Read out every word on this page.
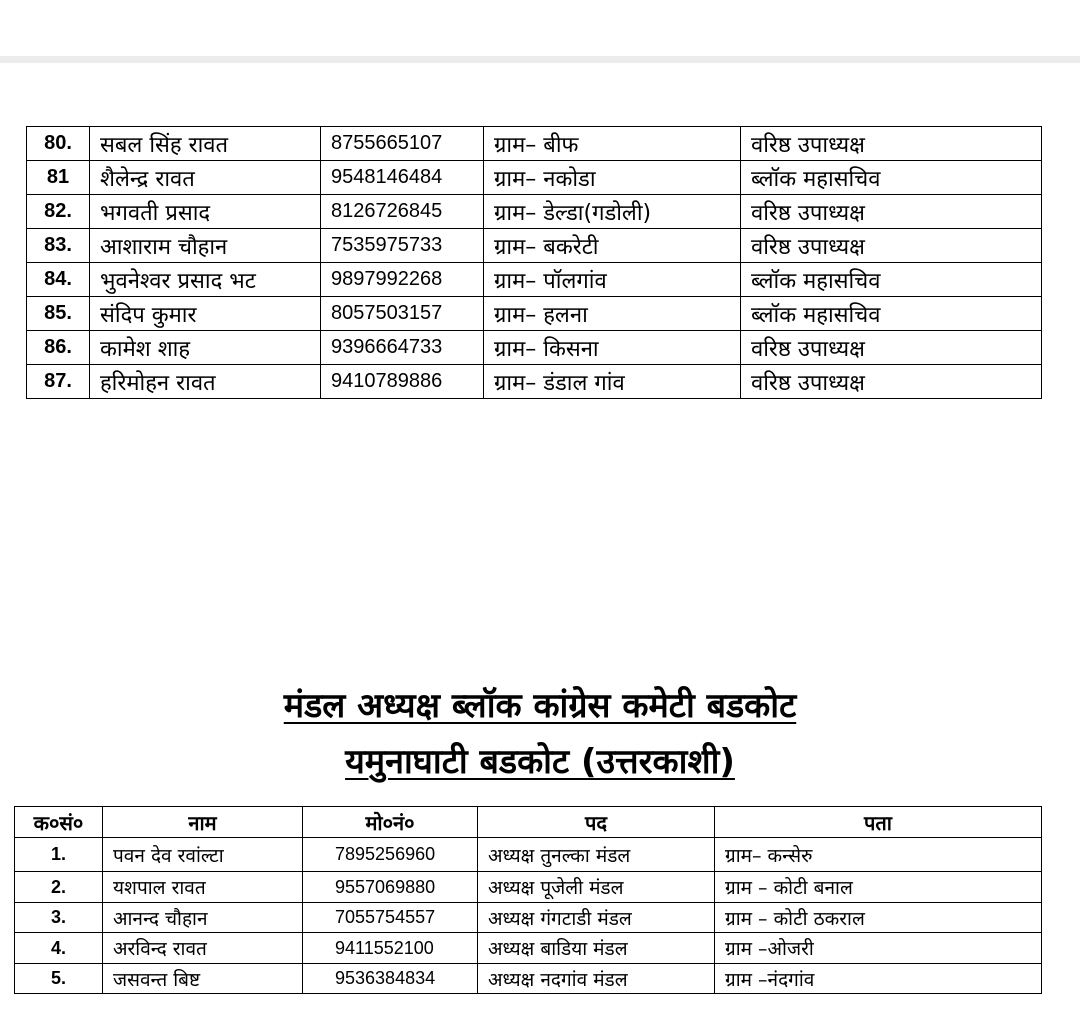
80.	सबल सिंह रावत	8755665107	ग्राम– बीफ	वरिष्ठ उपाध्यक्ष
81	शैलेन्द्र रावत	9548146484	ग्राम– नकोडा	ब्लॉक महासचिव
82.	भगवती प्रसाद	8126726845	ग्राम– डेल्डा(गडोली)	वरिष्ठ उपाध्यक्ष
83.	आशाराम चौहान	7535975733	ग्राम– बकरेटी	वरिष्ठ उपाध्यक्ष
84.	भुवनेश्वर प्रसाद भट	9897992268	ग्राम– पॉलगांव	ब्लॉक महासचिव
85.	संदिप कुमार	8057503157	ग्राम– हलना	ब्लॉक महासचिव
86.	कामेश शाह	9396664733	ग्राम– किसना	वरिष्ठ उपाध्यक्ष
87.	हरिमोहन रावत	9410789886	ग्राम– डंडाल गांव	वरिष्ठ उपाध्यक्ष
मंडल अध्यक्ष ब्लॉक कांग्रेस कमेटी बडकोट
यमुनाघाटी बडकोट (उत्तरकाशी)
क०सं०	नाम	मो०नं०	पद	पता
1.	पवन देव रवांल्टा	7895256960	अध्यक्ष तुनल्का मंडल	ग्राम– कन्सेरु
2.	यशपाल रावत	9557069880	अध्यक्ष पूजेली मंडल	ग्राम – कोटी बनाल
3.	आनन्द चौहान	7055754557	अध्यक्ष गंगटाडी मंडल	ग्राम – कोटी ठकराल
4.	अरविन्द रावत	9411552100	अध्यक्ष बाडिया मंडल	ग्राम –ओजरी
5.	जसवन्त बिष्ट	9536384834	अध्यक्ष नदगांव मंडल	ग्राम –नंदगांव
